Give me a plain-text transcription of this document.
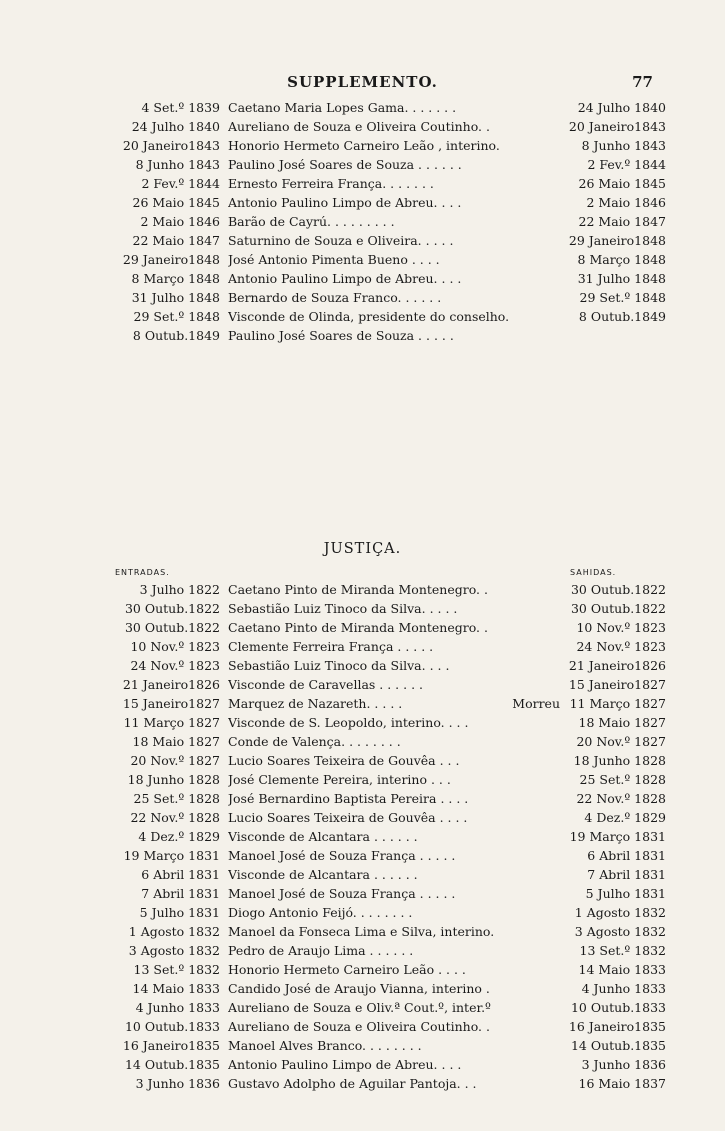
SUPPLEMENTO.	77
4 Set.º 1839 Caetano Maria Lopes Gama. . . . . . .	24 Julho 1840
24 Julho 1840 Aureliano de Souza e Oliveira Coutinho. .	20 Janeiro1843
20 Janeiro1843 Honorio Hermeto Carneiro Leão , interino.	8 Junho 1843
8 Junho 1843 Paulino José Soares de Souza . . . . . .	2 Fev.º 1844
2 Fev.º 1844 Ernesto Ferreira França. . . . . . .	26 Maio 1845
26 Maio 1845 Antonio Paulino Limpo de Abreu. . . .	2 Maio 1846
2 Maio 1846 Barão de Cayrú. . . . . . . . .	22 Maio 1847
22 Maio 1847 Saturnino de Souza e Oliveira. . . . .	29 Janeiro1848
29 Janeiro1848 José Antonio Pimenta Bueno . . . .	8 Março 1848
8 Março 1848 Antonio Paulino Limpo de Abreu. . . .	31 Julho 1848
31 Julho 1848 Bernardo de Souza Franco. . . . . .	29 Set.º 1848
29 Set.º 1848 Visconde de Olinda, presidente do conselho.	8 Outub.1849
8 Outub.1849 Paulino José Soares de Souza . . . . .
JUSTIÇA.
ENTRADAS.	SAHIDAS.
3 Julho 1822 Caetano Pinto de Miranda Montenegro. .	30 Outub.1822
30 Outub.1822 Sebastião Luiz Tinoco da Silva. . . . .	30 Outub.1822
30 Outub.1822 Caetano Pinto de Miranda Montenegro. .	10 Nov.º 1823
10 Nov.º 1823 Clemente Ferreira França . . . . .	24 Nov.º 1823
24 Nov.º 1823 Sebastião Luiz Tinoco da Silva. . . .	21 Janeiro1826
21 Janeiro1826 Visconde de Caravellas . . . . . .	15 Janeiro1827
15 Janeiro1827 Marquez de Nazareth. . . . .	Morreu 11 Março 1827
11 Março 1827 Visconde de S. Leopoldo, interino. . . .	18 Maio 1827
18 Maio 1827 Conde de Valença. . . . . . . .	20 Nov.º 1827
20 Nov.º 1827 Lucio Soares Teixeira de Gouvêa . . .	18 Junho 1828
18 Junho 1828 José Clemente Pereira, interino . . .	25 Set.º 1828
25 Set.º 1828 José Bernardino Baptista Pereira . . . .	22 Nov.º 1828
22 Nov.º 1828 Lucio Soares Teixeira de Gouvêa . . . .	4 Dez.º 1829
4 Dez.º 1829 Visconde de Alcantara . . . . . .	19 Março 1831
19 Março 1831 Manoel José de Souza França . . . . .	6 Abril 1831
6 Abril 1831 Visconde de Alcantara . . . . . .	7 Abril 1831
7 Abril 1831 Manoel José de Souza França . . . . .	5 Julho 1831
5 Julho 1831 Diogo Antonio Feijó. . . . . . . .	1 Agosto 1832
1 Agosto 1832 Manoel da Fonseca Lima e Silva, interino.	3 Agosto 1832
3 Agosto 1832 Pedro de Araujo Lima . . . . . .	13 Set.º 1832
13 Set.º 1832 Honorio Hermeto Carneiro Leão . . . .	14 Maio 1833
14 Maio 1833 Candido José de Araujo Vianna, interino .	4 Junho 1833
4 Junho 1833 Aureliano de Souza e Oliv.ª Cout.º, inter.º	10 Outub.1833
10 Outub.1833 Aureliano de Souza e Oliveira Coutinho. .	16 Janeiro1835
16 Janeiro1835 Manoel Alves Branco. . . . . . . .	14 Outub.1835
14 Outub.1835 Antonio Paulino Limpo de Abreu. . . .	3 Junho 1836
3 Junho 1836 Gustavo Adolpho de Aguilar Pantoja. . .	16 Maio 1837
